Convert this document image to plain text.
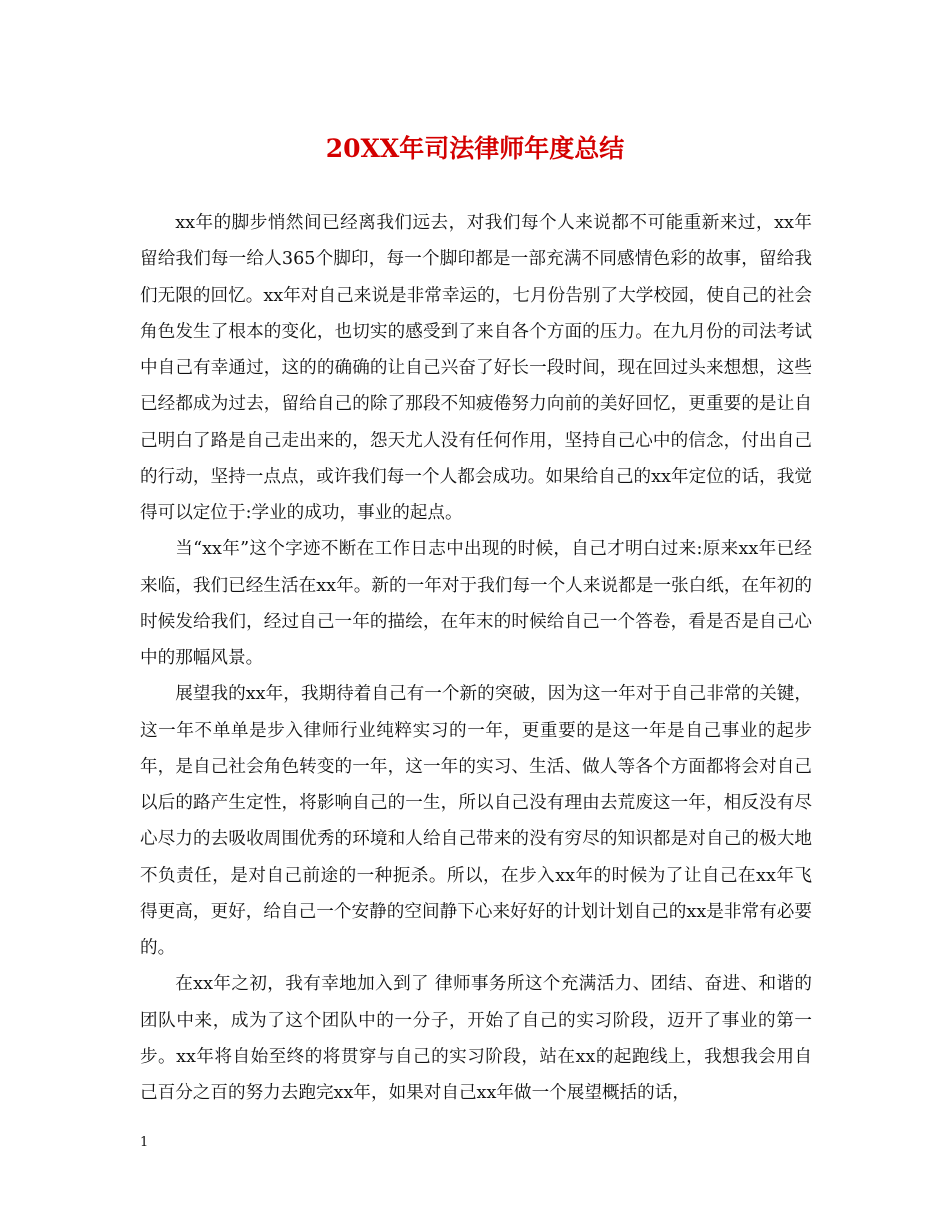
20XX年司法律师年度总结

xx年的脚步悄然间已经离我们远去，对我们每个人来说都不可能重新来过，xx年留给我们每一给人365个脚印，每一个脚印都是一部充满不同感情色彩的故事，留给我们无限的回忆。xx年对自己来说是非常幸运的，七月份告别了大学校园，使自己的社会角色发生了根本的变化，也切实的感受到了来自各个方面的压力。在九月份的司法考试中自己有幸通过，这的的确确的让自己兴奋了好长一段时间，现在回过头来想想，这些已经都成为过去，留给自己的除了那段不知疲倦努力向前的美好回忆，更重要的是让自己明白了路是自己走出来的，怨天尤人没有任何作用，坚持自己心中的信念，付出自己的行动，坚持一点点，或许我们每一个人都会成功。如果给自己的xx年定位的话，我觉得可以定位于:学业的成功，事业的起点。

当“xx年”这个字迹不断在工作日志中出现的时候，自己才明白过来:原来xx年已经来临，我们已经生活在xx年。新的一年对于我们每一个人来说都是一张白纸，在年初的时候发给我们，经过自己一年的描绘，在年末的时候给自己一个答卷，看是否是自己心中的那幅风景。

展望我的xx年，我期待着自己有一个新的突破，因为这一年对于自己非常的关键，这一年不单单是步入律师行业纯粹实习的一年，更重要的是这一年是自己事业的起步年，是自己社会角色转变的一年，这一年的实习、生活、做人等各个方面都将会对自己以后的路产生定性，将影响自己的一生，所以自己没有理由去荒废这一年，相反没有尽心尽力的去吸收周围优秀的环境和人给自己带来的没有穷尽的知识都是对自己的极大地不负责任，是对自己前途的一种扼杀。所以，在步入xx年的时候为了让自己在xx年飞得更高，更好，给自己一个安静的空间静下心来好好的计划计划自己的xx是非常有必要的。

在xx年之初，我有幸地加入到了 律师事务所这个充满活力、团结、奋进、和谐的团队中来，成为了这个团队中的一分子，开始了自己的实习阶段，迈开了事业的第一步。xx年将自始至终的将贯穿与自己的实习阶段，站在xx的起跑线上，我想我会用自己百分之百的努力去跑完xx年，如果对自己xx年做一个展望概括的话，

1
